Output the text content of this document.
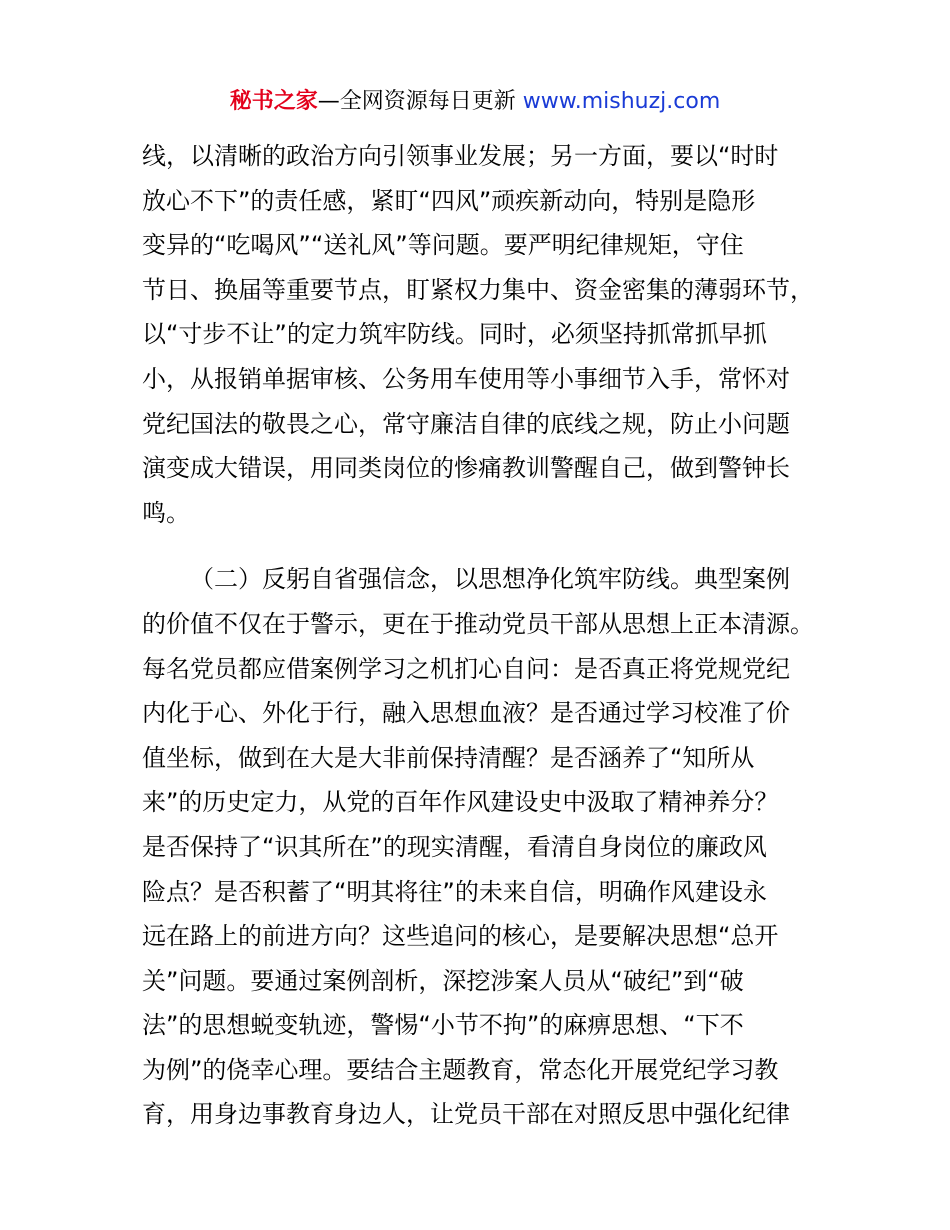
秘书之家—全网资源每日更新 www.mishuzj.com
线，以清晰的政治方向引领事业发展；另一方面，要以“时时
放心不下”的责任感，紧盯“四风”顽疾新动向，特别是隐形
变异的“吃喝风”“送礼风”等问题。要严明纪律规矩，守住
节日、换届等重要节点，盯紧权力集中、资金密集的薄弱环节，
以“寸步不让”的定力筑牢防线。同时，必须坚持抓常抓早抓
小，从报销单据审核、公务用车使用等小事细节入手，常怀对
党纪国法的敬畏之心，常守廉洁自律的底线之规，防止小问题
演变成大错误，用同类岗位的惨痛教训警醒自己，做到警钟长
鸣。
（二）反躬自省强信念，以思想净化筑牢防线。典型案例
的价值不仅在于警示，更在于推动党员干部从思想上正本清源。
每名党员都应借案例学习之机扪心自问：是否真正将党规党纪
内化于心、外化于行，融入思想血液？是否通过学习校准了价
值坐标，做到在大是大非前保持清醒？是否涵养了“知所从
来”的历史定力，从党的百年作风建设史中汲取了精神养分？
是否保持了“识其所在”的现实清醒，看清自身岗位的廉政风
险点？是否积蓄了“明其将往”的未来自信，明确作风建设永
远在路上的前进方向？这些追问的核心，是要解决思想“总开
关”问题。要通过案例剖析，深挖涉案人员从“破纪”到“破
法”的思想蜕变轨迹，警惕“小节不拘”的麻痹思想、“下不
为例”的侥幸心理。要结合主题教育，常态化开展党纪学习教
育，用身边事教育身边人，让党员干部在对照反思中强化纪律
